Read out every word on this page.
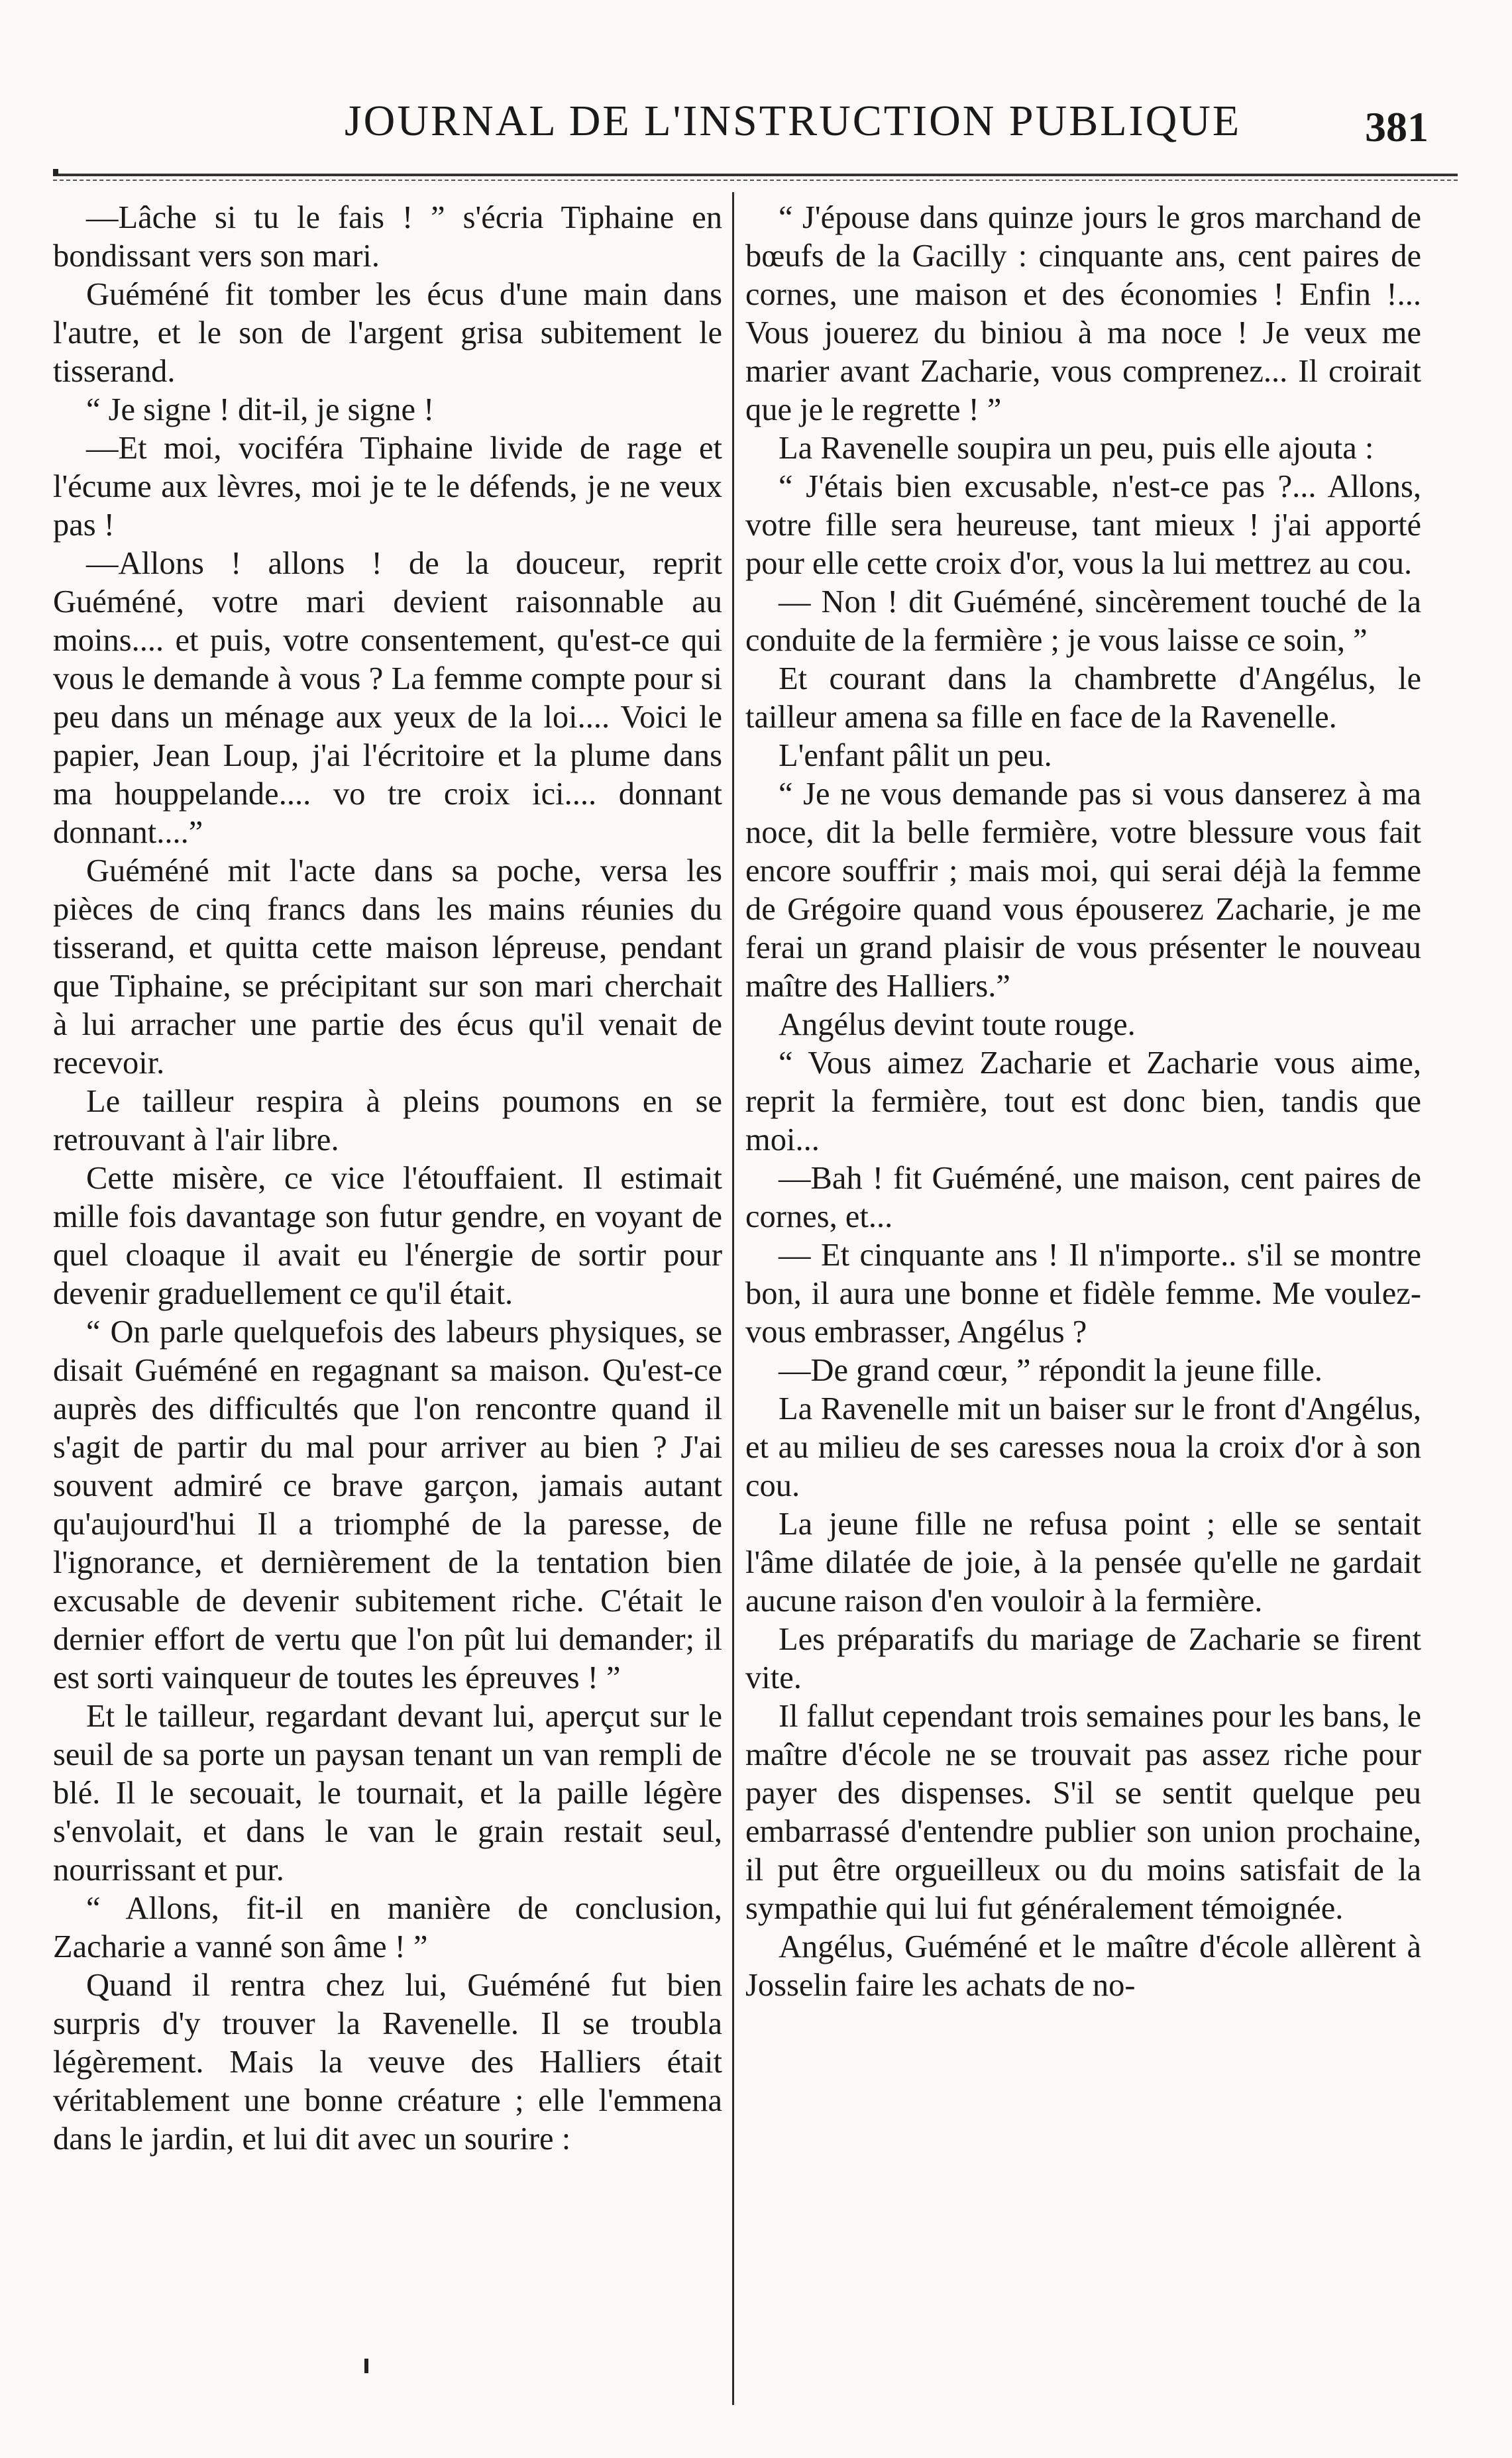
JOURNAL DE L'INSTRUCTION PUBLIQUE	381

—Lâche si tu le fais ! ” s'écria Tiphaine en bondissant vers son mari.

Guéméné fit tomber les écus d'une main dans l'autre, et le son de l'argent grisa subitement le tisserand.

“ Je signe ! dit-il, je signe !

—Et moi, vociféra Tiphaine livide de rage et l'écume aux lèvres, moi je te le défends, je ne veux pas !

—Allons ! allons ! de la douceur, reprit Guéméné, votre mari devient raisonnable au moins.... et puis, votre consentement, qu'est-ce qui vous le demande à vous ? La femme compte pour si peu dans un ménage aux yeux de la loi.... Voici le papier, Jean Loup, j'ai l'écritoire et la plume dans ma houppelande.... vo tre croix ici.... donnant donnant....”

Guéméné mit l'acte dans sa poche, versa les pièces de cinq francs dans les mains réunies du tisserand, et quitta cette maison lépreuse, pendant que Tiphaine, se précipitant sur son mari cherchait à lui arracher une partie des écus qu'il venait de recevoir.

Le tailleur respira à pleins poumons en se retrouvant à l'air libre.

Cette misère, ce vice l'étouffaient. Il estimait mille fois davantage son futur gendre, en voyant de quel cloaque il avait eu l'énergie de sortir pour devenir graduellement ce qu'il était.

“ On parle quelquefois des labeurs physiques, se disait Guéméné en regagnant sa maison. Qu'est-ce auprès des difficultés que l'on rencontre quand il s'agit de partir du mal pour arriver au bien ? J'ai souvent admiré ce brave garçon, jamais autant qu'aujourd'hui Il a triomphé de la paresse, de l'ignorance, et dernièrement de la tentation bien excusable de devenir subitement riche. C'était le dernier effort de vertu que l'on pût lui demander; il est sorti vainqueur de toutes les épreuves ! ”

Et le tailleur, regardant devant lui, aperçut sur le seuil de sa porte un paysan tenant un van rempli de blé. Il le secouait, le tournait, et la paille légère s'envolait, et dans le van le grain restait seul, nourrissant et pur.

“ Allons, fit-il en manière de conclusion, Zacharie a vanné son âme ! ”

Quand il rentra chez lui, Guéméné fut bien surpris d'y trouver la Ravenelle. Il se troubla légèrement. Mais la veuve des Halliers était véritablement une bonne créature ; elle l'emmena dans le jardin, et lui dit avec un sourire :

“ J'épouse dans quinze jours le gros marchand de bœufs de la Gacilly : cinquante ans, cent paires de cornes, une maison et des économies ! Enfin !... Vous jouerez du biniou à ma noce ! Je veux me marier avant Zacharie, vous comprenez... Il croirait que je le regrette ! ”

La Ravenelle soupira un peu, puis elle ajouta :

“ J'étais bien excusable, n'est-ce pas ?... Allons, votre fille sera heureuse, tant mieux ! j'ai apporté pour elle cette croix d'or, vous la lui mettrez au cou.

— Non ! dit Guéméné, sincèrement touché de la conduite de la fermière ; je vous laisse ce soin, ”

Et courant dans la chambrette d'Angélus, le tailleur amena sa fille en face de la Ravenelle.

L'enfant pâlit un peu.

“ Je ne vous demande pas si vous danserez à ma noce, dit la belle fermière, votre blessure vous fait encore souffrir ; mais moi, qui serai déjà la femme de Grégoire quand vous épouserez Zacharie, je me ferai un grand plaisir de vous présenter le nouveau maître des Halliers.”

Angélus devint toute rouge.

“ Vous aimez Zacharie et Zacharie vous aime, reprit la fermière, tout est donc bien, tandis que moi...

—Bah ! fit Guéméné, une maison, cent paires de cornes, et...

— Et cinquante ans ! Il n'importe.. s'il se montre bon, il aura une bonne et fidèle femme. Me voulez-vous embrasser, Angélus ?

—De grand cœur, ” répondit la jeune fille.

La Ravenelle mit un baiser sur le front d'Angélus, et au milieu de ses caresses noua la croix d'or à son cou.

La jeune fille ne refusa point ; elle se sentait l'âme dilatée de joie, à la pensée qu'elle ne gardait aucune raison d'en vouloir à la fermière.

Les préparatifs du mariage de Zacharie se firent vite.

Il fallut cependant trois semaines pour les bans, le maître d'école ne se trouvait pas assez riche pour payer des dispenses. S'il se sentit quelque peu embarrassé d'entendre publier son union prochaine, il put être orgueilleux ou du moins satisfait de la sympathie qui lui fut généralement témoignée.

Angélus, Guéméné et le maître d'école allèrent à Josselin faire les achats de no-
